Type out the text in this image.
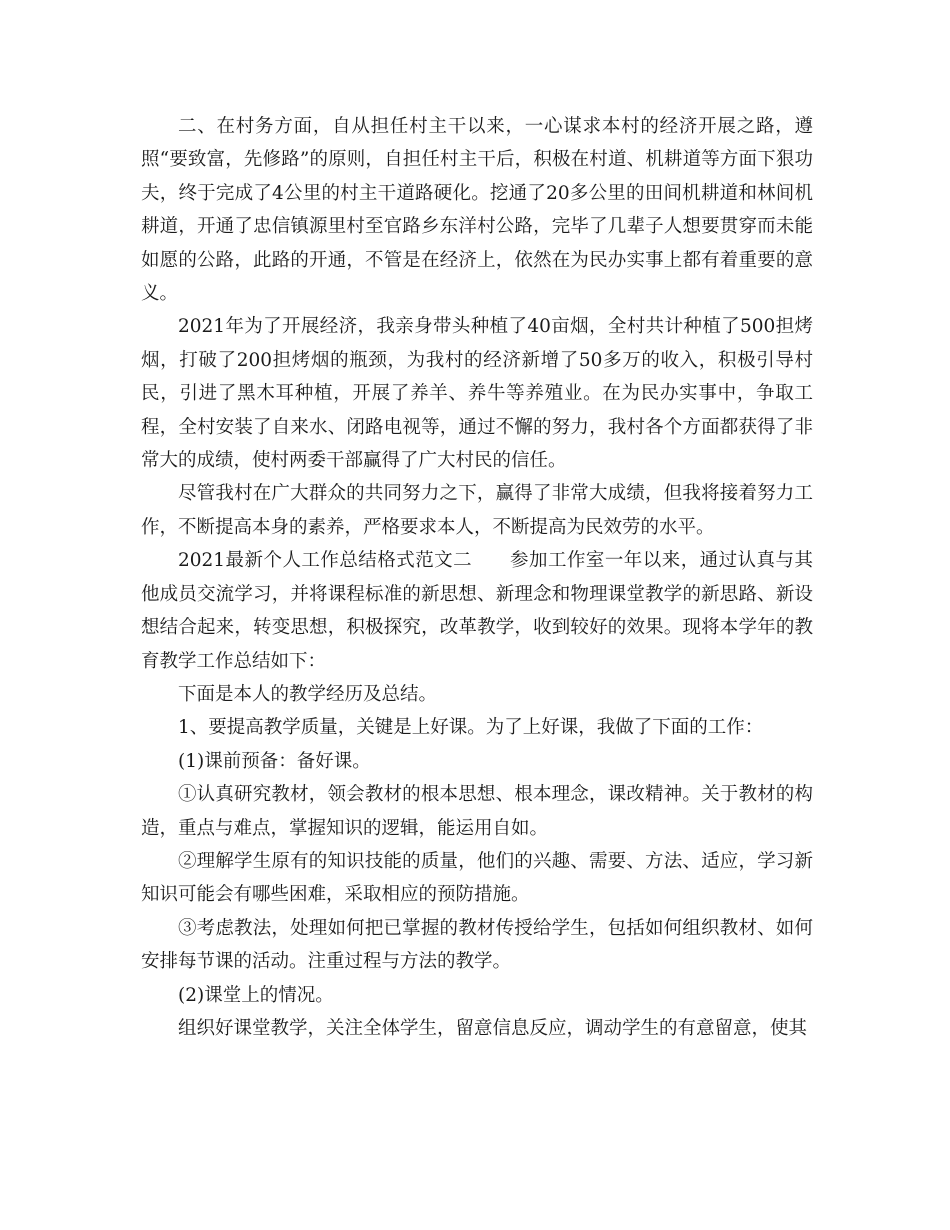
二、在村务方面，自从担任村主干以来，一心谋求本村的经济开展之路，遵照“要致富，先修路”的原则，自担任村主干后，积极在村道、机耕道等方面下狠功夫，终于完成了4公里的村主干道路硬化。挖通了20多公里的田间机耕道和林间机耕道，开通了忠信镇源里村至官路乡东洋村公路，完毕了几辈子人想要贯穿而未能如愿的公路，此路的开通，不管是在经济上，依然在为民办实事上都有着重要的意义。

2021年为了开展经济，我亲身带头种植了40亩烟，全村共计种植了500担烤烟，打破了200担烤烟的瓶颈，为我村的经济新增了50多万的收入，积极引导村民，引进了黑木耳种植，开展了养羊、养牛等养殖业。在为民办实事中，争取工程，全村安装了自来水、闭路电视等，通过不懈的努力，我村各个方面都获得了非常大的成绩，使村两委干部赢得了广大村民的信任。

尽管我村在广大群众的共同努力之下，赢得了非常大成绩，但我将接着努力工作，不断提高本身的素养，严格要求本人，不断提高为民效劳的水平。

2021最新个人工作总结格式范文二　　参加工作室一年以来，通过认真与其他成员交流学习，并将课程标准的新思想、新理念和物理课堂教学的新思路、新设想结合起来，转变思想，积极探究，改革教学，收到较好的效果。现将本学年的教育教学工作总结如下：

下面是本人的教学经历及总结。

1、要提高教学质量，关键是上好课。为了上好课，我做了下面的工作：

(1)课前预备：备好课。

①认真研究教材，领会教材的根本思想、根本理念，课改精神。关于教材的构造，重点与难点，掌握知识的逻辑，能运用自如。

②理解学生原有的知识技能的质量，他们的兴趣、需要、方法、适应，学习新知识可能会有哪些困难，采取相应的预防措施。

③考虑教法，处理如何把已掌握的教材传授给学生，包括如何组织教材、如何安排每节课的活动。注重过程与方法的教学。

(2)课堂上的情况。

组织好课堂教学，关注全体学生，留意信息反应，调动学生的有意留意，使其
